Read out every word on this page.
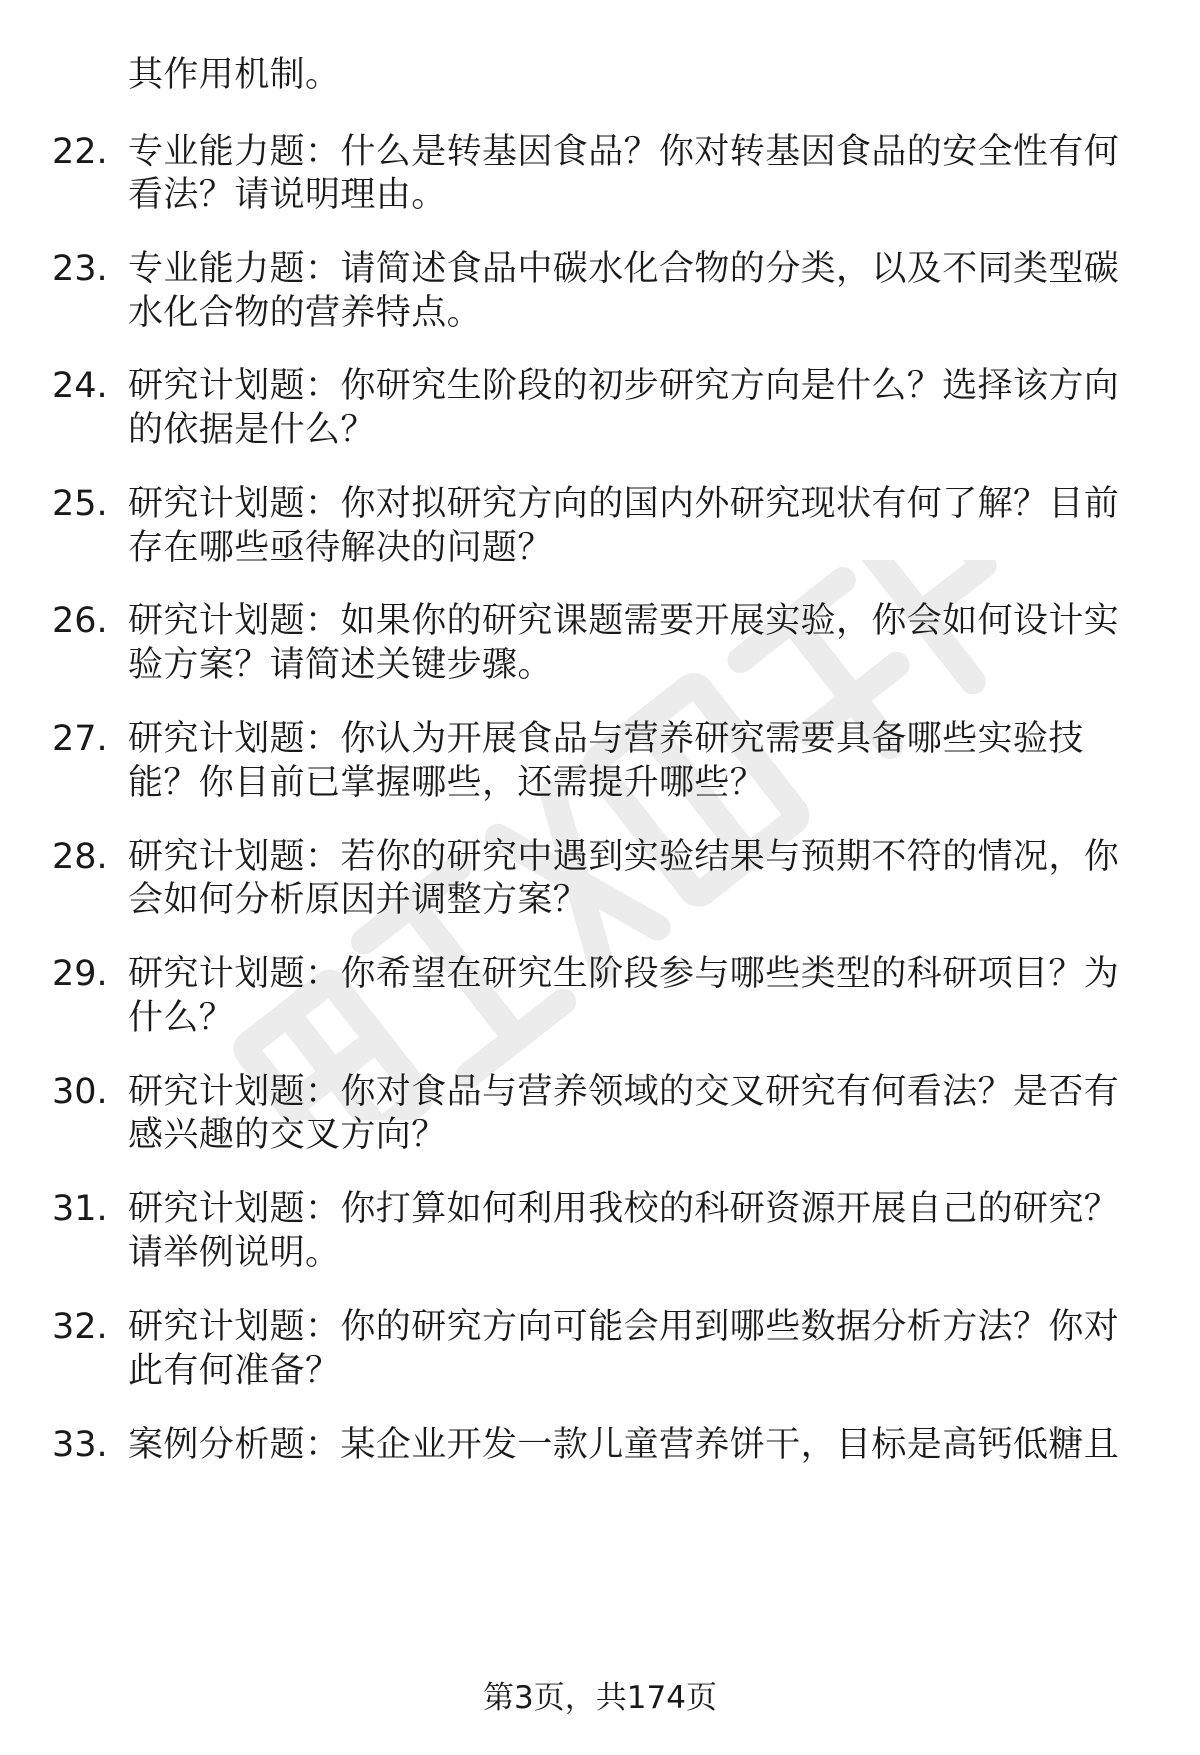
其作用机制。
22. 专业能力题：什么是转基因食品？你对转基因食品的安全性有何
看法？请说明理由。
23. 专业能力题：请简述食品中碳水化合物的分类，以及不同类型碳
水化合物的营养特点。
24. 研究计划题：你研究生阶段的初步研究方向是什么？选择该方向
的依据是什么？
25. 研究计划题：你对拟研究方向的国内外研究现状有何了解？目前
存在哪些亟待解决的问题？
26. 研究计划题：如果你的研究课题需要开展实验，你会如何设计实
验方案？请简述关键步骤。
27. 研究计划题：你认为开展食品与营养研究需要具备哪些实验技
能？你目前已掌握哪些，还需提升哪些？
28. 研究计划题：若你的研究中遇到实验结果与预期不符的情况，你
会如何分析原因并调整方案？
29. 研究计划题：你希望在研究生阶段参与哪些类型的科研项目？为
什么？
30. 研究计划题：你对食品与营养领域的交叉研究有何看法？是否有
感兴趣的交叉方向？
31. 研究计划题：你打算如何利用我校的科研资源开展自己的研究？
请举例说明。
32. 研究计划题：你的研究方向可能会用到哪些数据分析方法？你对
此有何准备？
33. 案例分析题：某企业开发一款儿童营养饼干，目标是高钙低糖且
第3页，共174页
